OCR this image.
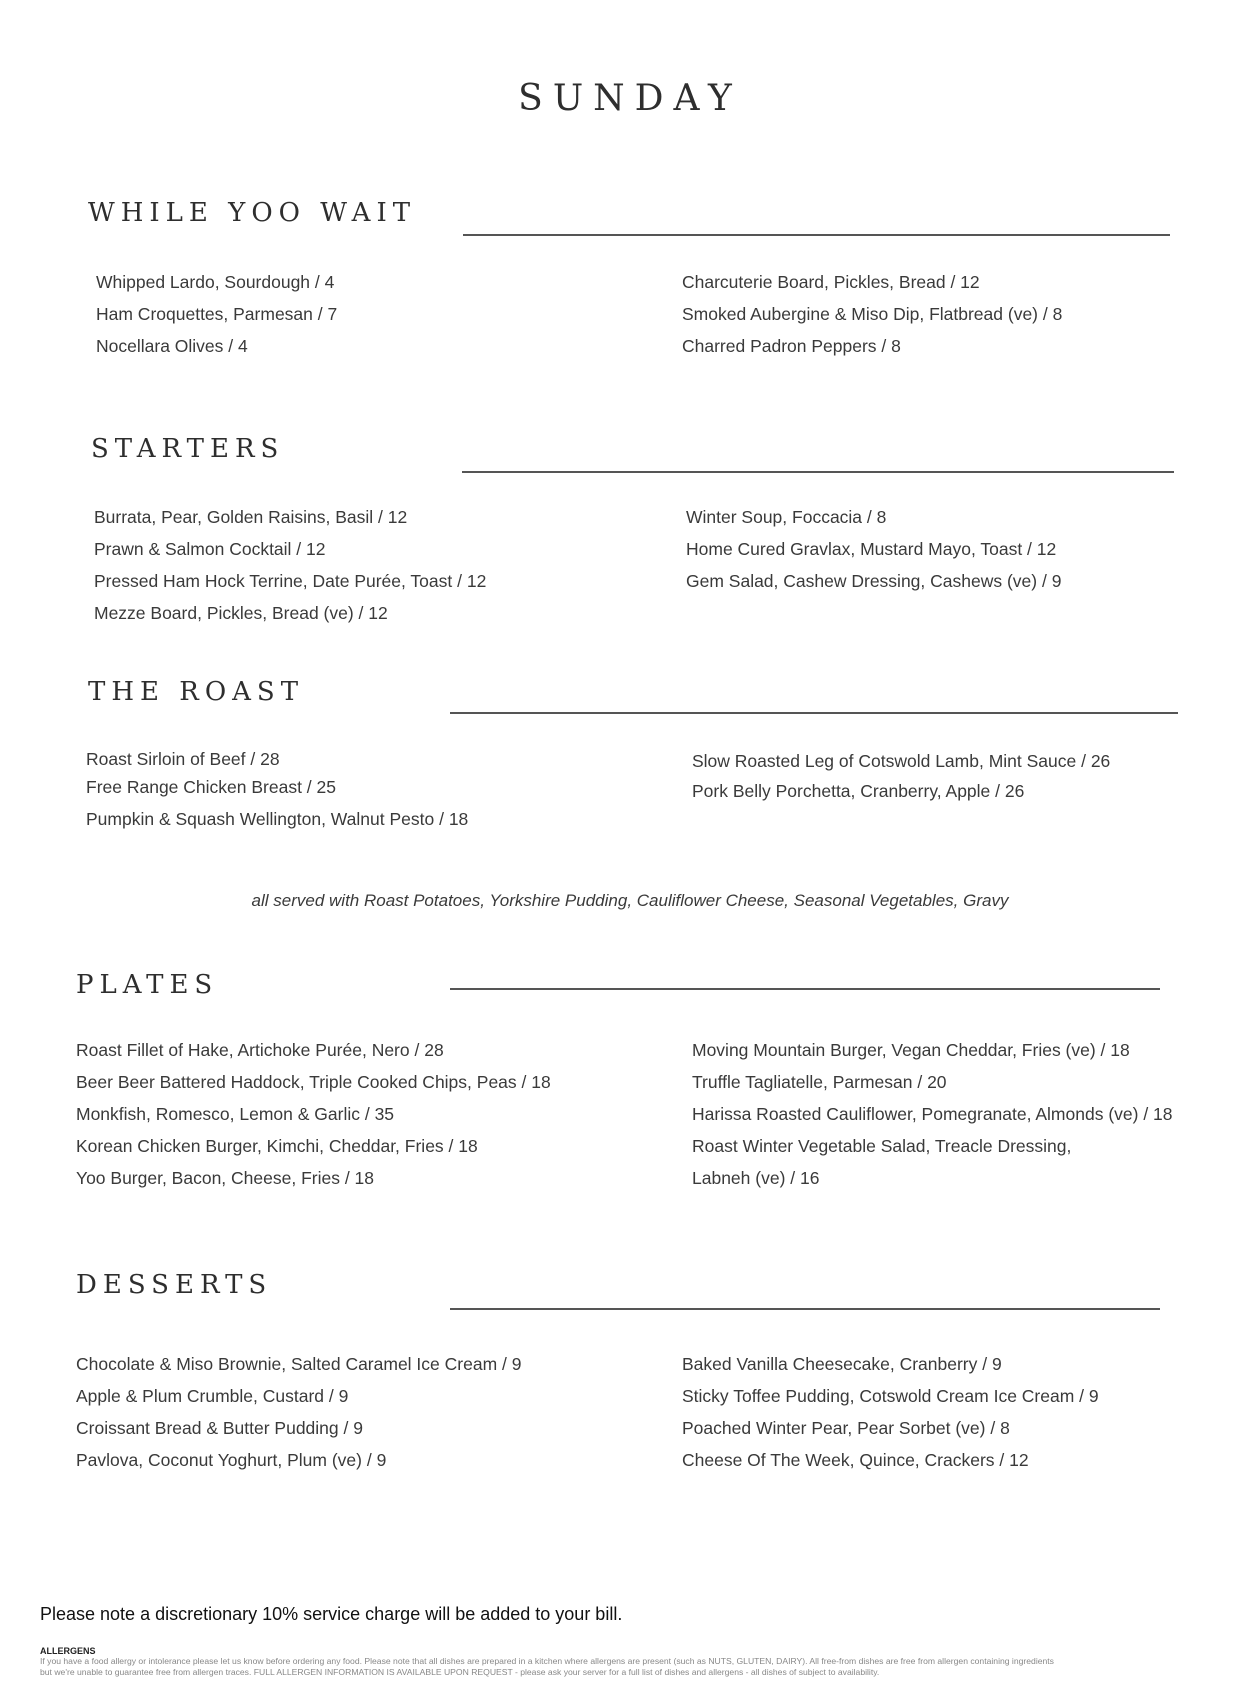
SUNDAY
WHILE YOO WAIT
Whipped Lardo, Sourdough / 4
Ham Croquettes, Parmesan / 7
Nocellara Olives / 4
Charcuterie Board, Pickles, Bread / 12
Smoked Aubergine & Miso Dip, Flatbread (ve) / 8
Charred Padron Peppers / 8
STARTERS
Burrata, Pear, Golden Raisins, Basil / 12
Prawn & Salmon Cocktail / 12
Pressed Ham Hock Terrine, Date Purée, Toast / 12
Mezze Board, Pickles, Bread (ve) / 12
Winter Soup, Foccacia / 8
Home Cured Gravlax, Mustard Mayo, Toast / 12
Gem Salad, Cashew Dressing, Cashews (ve) / 9
THE ROAST
Roast Sirloin of Beef / 28
Free Range Chicken Breast / 25
Pumpkin & Squash Wellington, Walnut Pesto / 18
Slow Roasted Leg of Cotswold Lamb, Mint Sauce / 26
Pork Belly Porchetta, Cranberry, Apple / 26
all served with Roast Potatoes, Yorkshire Pudding, Cauliflower Cheese, Seasonal Vegetables, Gravy
PLATES
Roast Fillet of Hake, Artichoke Purée, Nero / 28
Beer Beer Battered Haddock, Triple Cooked Chips, Peas / 18
Monkfish, Romesco, Lemon & Garlic / 35
Korean Chicken Burger, Kimchi, Cheddar, Fries / 18
Yoo Burger, Bacon, Cheese, Fries / 18
Moving Mountain Burger, Vegan Cheddar, Fries (ve) / 18
Truffle Tagliatelle, Parmesan / 20
Harissa Roasted Cauliflower, Pomegranate, Almonds (ve) / 18
Roast Winter Vegetable Salad, Treacle Dressing,
Labneh (ve) / 16
DESSERTS
Chocolate & Miso Brownie, Salted Caramel Ice Cream / 9
Apple & Plum Crumble, Custard / 9
Croissant Bread & Butter Pudding / 9
Pavlova, Coconut Yoghurt, Plum (ve) / 9
Baked Vanilla Cheesecake, Cranberry / 9
Sticky Toffee Pudding, Cotswold Cream Ice Cream / 9
Poached Winter Pear, Pear Sorbet (ve) / 8
Cheese Of The Week, Quince, Crackers / 12
Please note a discretionary 10% service charge will be added to your bill.
ALLERGENS
If you have a food allergy or intolerance please let us know before ordering any food. Please note that all dishes are prepared in a kitchen where allergens are present (such as NUTS, GLUTEN, DAIRY). All free-from dishes are free from allergen containing ingredients
but we're unable to guarantee free from allergen traces. FULL ALLERGEN INFORMATION IS AVAILABLE UPON REQUEST - please ask your server for a full list of dishes and allergens - all dishes of subject to availability.
